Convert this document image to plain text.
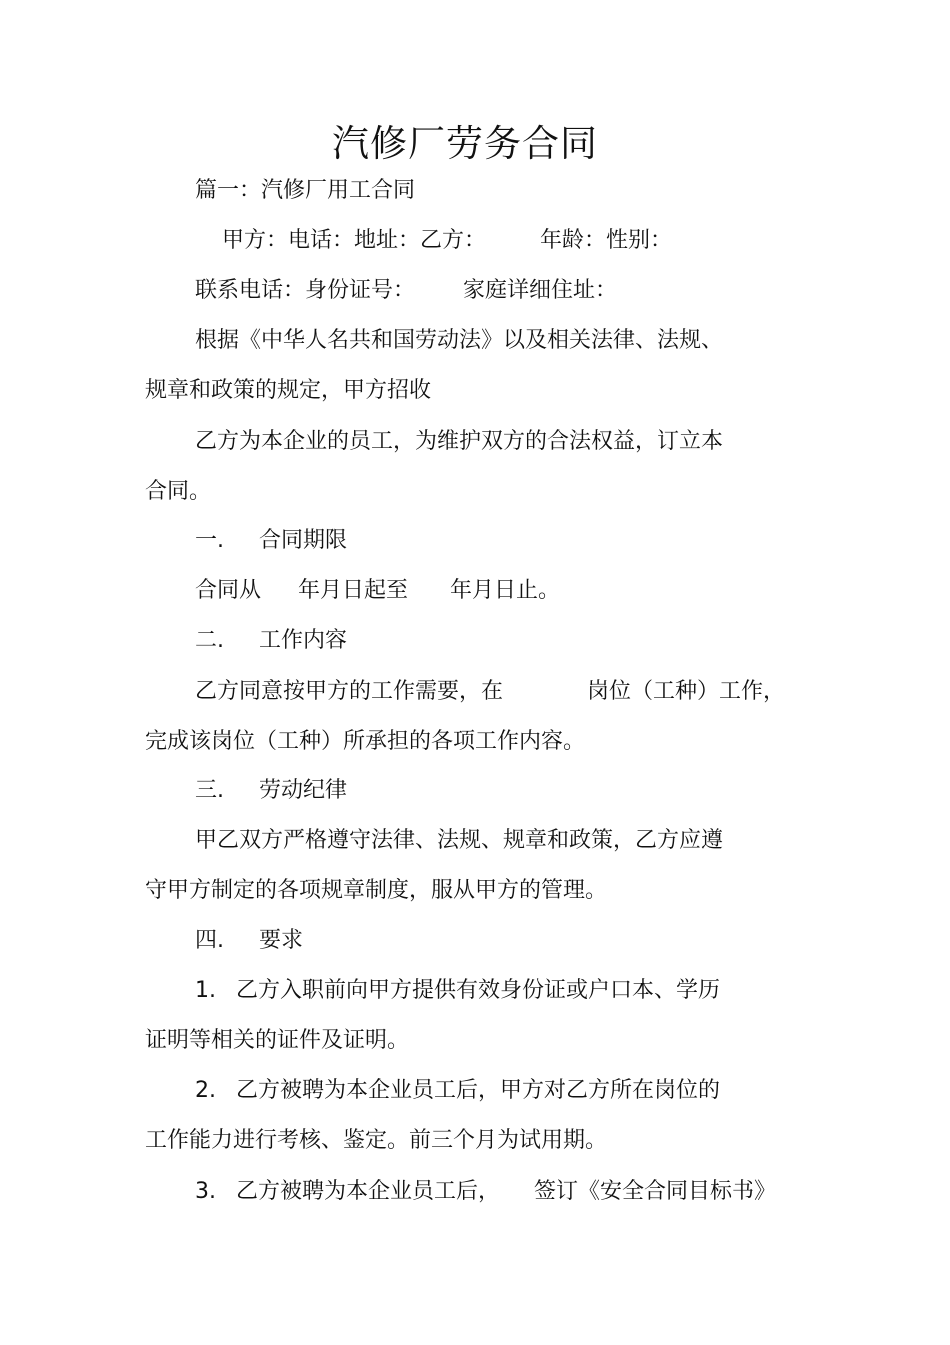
汽修厂劳务合同
篇一：汽修厂用工合同
甲方：电话：地址：乙方： 年龄：性别：
联系电话：身份证号： 家庭详细住址：
根据《中华人名共和国劳动法》以及相关法律、法规、
规章和政策的规定，甲方招收
乙方为本企业的员工，为维护双方的合法权益，订立本
合同。
一. 合同期限
合同从 年月日起至 年月日止。
二. 工作内容
乙方同意按甲方的工作需要，在	岗位（工种）工作，
完成该岗位（工种）所承担的各项工作内容。
三. 劳动纪律
甲乙双方严格遵守法律、法规、规章和政策，乙方应遵
守甲方制定的各项规章制度，服从甲方的管理。
四. 要求
1. 乙方入职前向甲方提供有效身份证或户口本、学历
证明等相关的证件及证明。
2. 乙方被聘为本企业员工后，甲方对乙方所在岗位的
工作能力进行考核、鉴定。前三个月为试用期。
3. 乙方被聘为本企业员工后， 签订《安全合同目标书》
